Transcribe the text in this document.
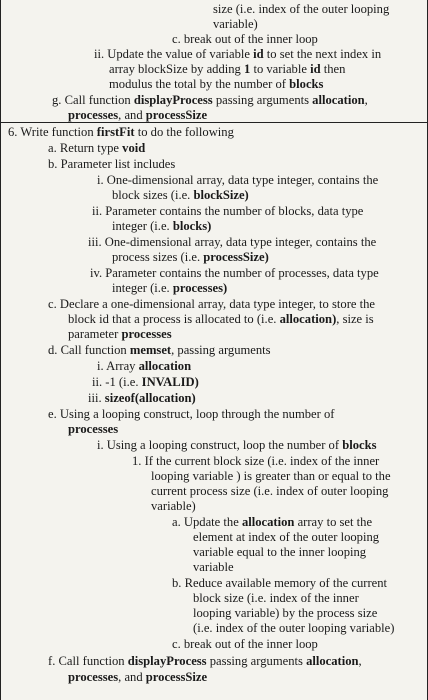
size (i.e. index of the outer looping
variable)
c. break out of the inner loop
ii. Update the value of variable id to set the next index in
array blockSize by adding 1 to variable id then
modulus the total by the number of blocks
g. Call function displayProcess passing arguments allocation,
processes, and processSize
6. Write function firstFit to do the following
a. Return type void
b. Parameter list includes
i. One-dimensional array, data type integer, contains the
block sizes (i.e. blockSize)
ii. Parameter contains the number of blocks, data type
integer (i.e. blocks)
iii. One-dimensional array, data type integer, contains the
process sizes (i.e. processSize)
iv. Parameter contains the number of processes, data type
integer (i.e. processes)
c. Declare a one-dimensional array, data type integer, to store the
block id that a process is allocated to (i.e. allocation), size is
parameter processes
d. Call function memset, passing arguments
i. Array allocation
ii. -1 (i.e. INVALID)
iii. sizeof(allocation)
e. Using a looping construct, loop through the number of
processes
i. Using a looping construct, loop the number of blocks
1. If the current block size (i.e. index of the inner
looping variable ) is greater than or equal to the
current process size (i.e. index of outer looping
variable)
a. Update the allocation array to set the
element at index of the outer looping
variable equal to the inner looping
variable
b. Reduce available memory of the current
block size (i.e. index of the inner
looping variable) by the process size
(i.e. index of the outer looping variable)
c. break out of the inner loop
f. Call function displayProcess passing arguments allocation,
processes, and processSize
